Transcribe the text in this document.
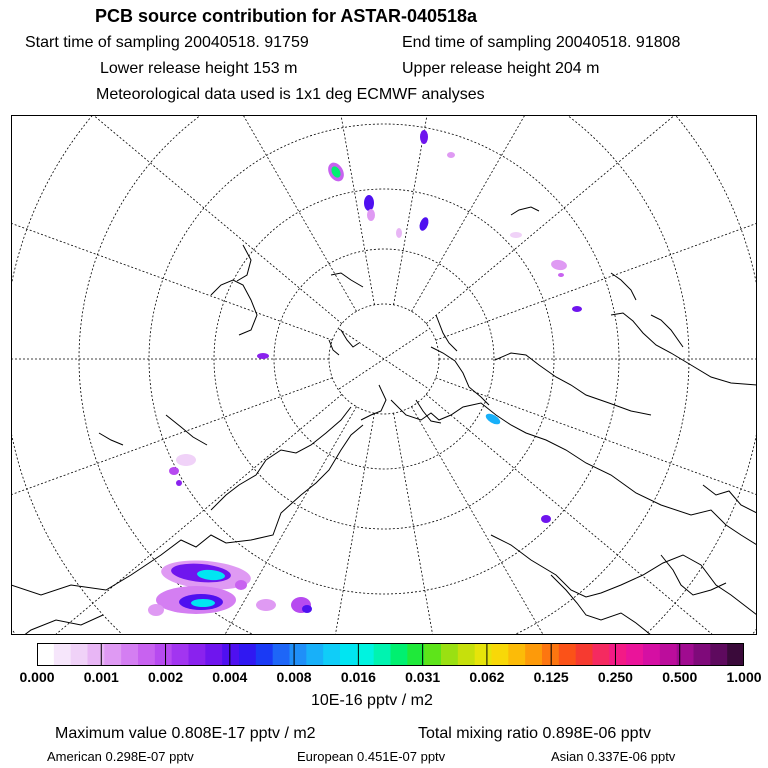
PCB source contribution for ASTAR-040518a
Start time of sampling 20040518. 91759	End time of sampling 20040518. 91808
Lower release height 153 m	Upper release height 204 m
Meteorological data used is 1x1 deg ECMWF analyses
0.000 0.001 0.002 0.004 0.008 0.016 0.031 0.062 0.125 0.250 0.500 1.000
10E-16 pptv / m2
Maximum value 0.808E-17 pptv / m2	Total mixing ratio 0.898E-06 pptv
American 0.298E-07 pptv	European 0.451E-07 pptv	Asian 0.337E-06 pptv
